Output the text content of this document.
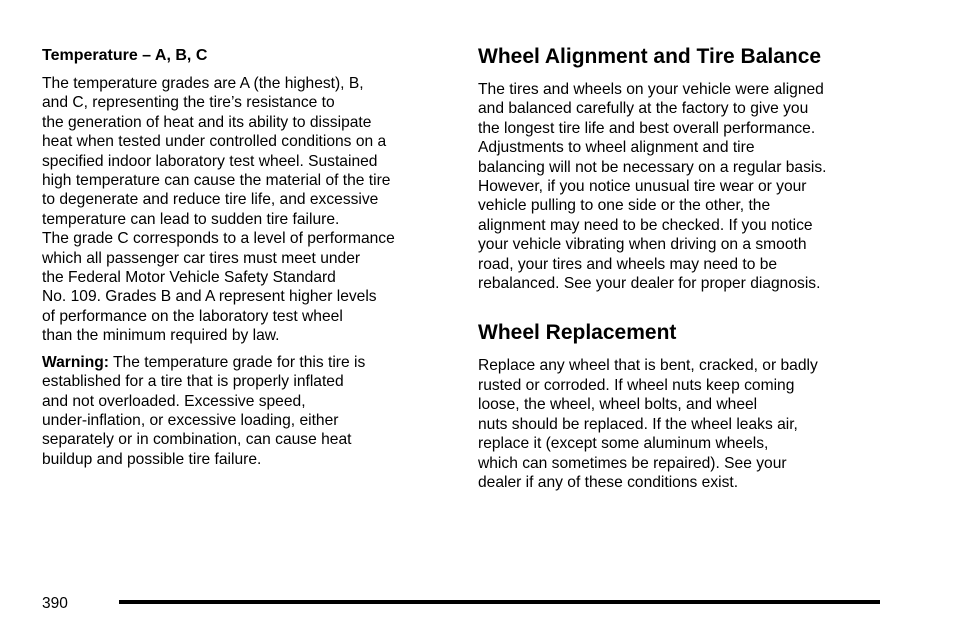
Temperature – A, B, C
The temperature grades are A (the highest), B,
and C, representing the tire’s resistance to
the generation of heat and its ability to dissipate
heat when tested under controlled conditions on a
specified indoor laboratory test wheel. Sustained
high temperature can cause the material of the tire
to degenerate and reduce tire life, and excessive
temperature can lead to sudden tire failure.
The grade C corresponds to a level of performance
which all passenger car tires must meet under
the Federal Motor Vehicle Safety Standard
No. 109. Grades B and A represent higher levels
of performance on the laboratory test wheel
than the minimum required by law.
Warning: The temperature grade for this tire is
established for a tire that is properly inflated
and not overloaded. Excessive speed,
under-inflation, or excessive loading, either
separately or in combination, can cause heat
buildup and possible tire failure.
Wheel Alignment and Tire Balance
The tires and wheels on your vehicle were aligned
and balanced carefully at the factory to give you
the longest tire life and best overall performance.
Adjustments to wheel alignment and tire
balancing will not be necessary on a regular basis.
However, if you notice unusual tire wear or your
vehicle pulling to one side or the other, the
alignment may need to be checked. If you notice
your vehicle vibrating when driving on a smooth
road, your tires and wheels may need to be
rebalanced. See your dealer for proper diagnosis.
Wheel Replacement
Replace any wheel that is bent, cracked, or badly
rusted or corroded. If wheel nuts keep coming
loose, the wheel, wheel bolts, and wheel
nuts should be replaced. If the wheel leaks air,
replace it (except some aluminum wheels,
which can sometimes be repaired). See your
dealer if any of these conditions exist.
390
